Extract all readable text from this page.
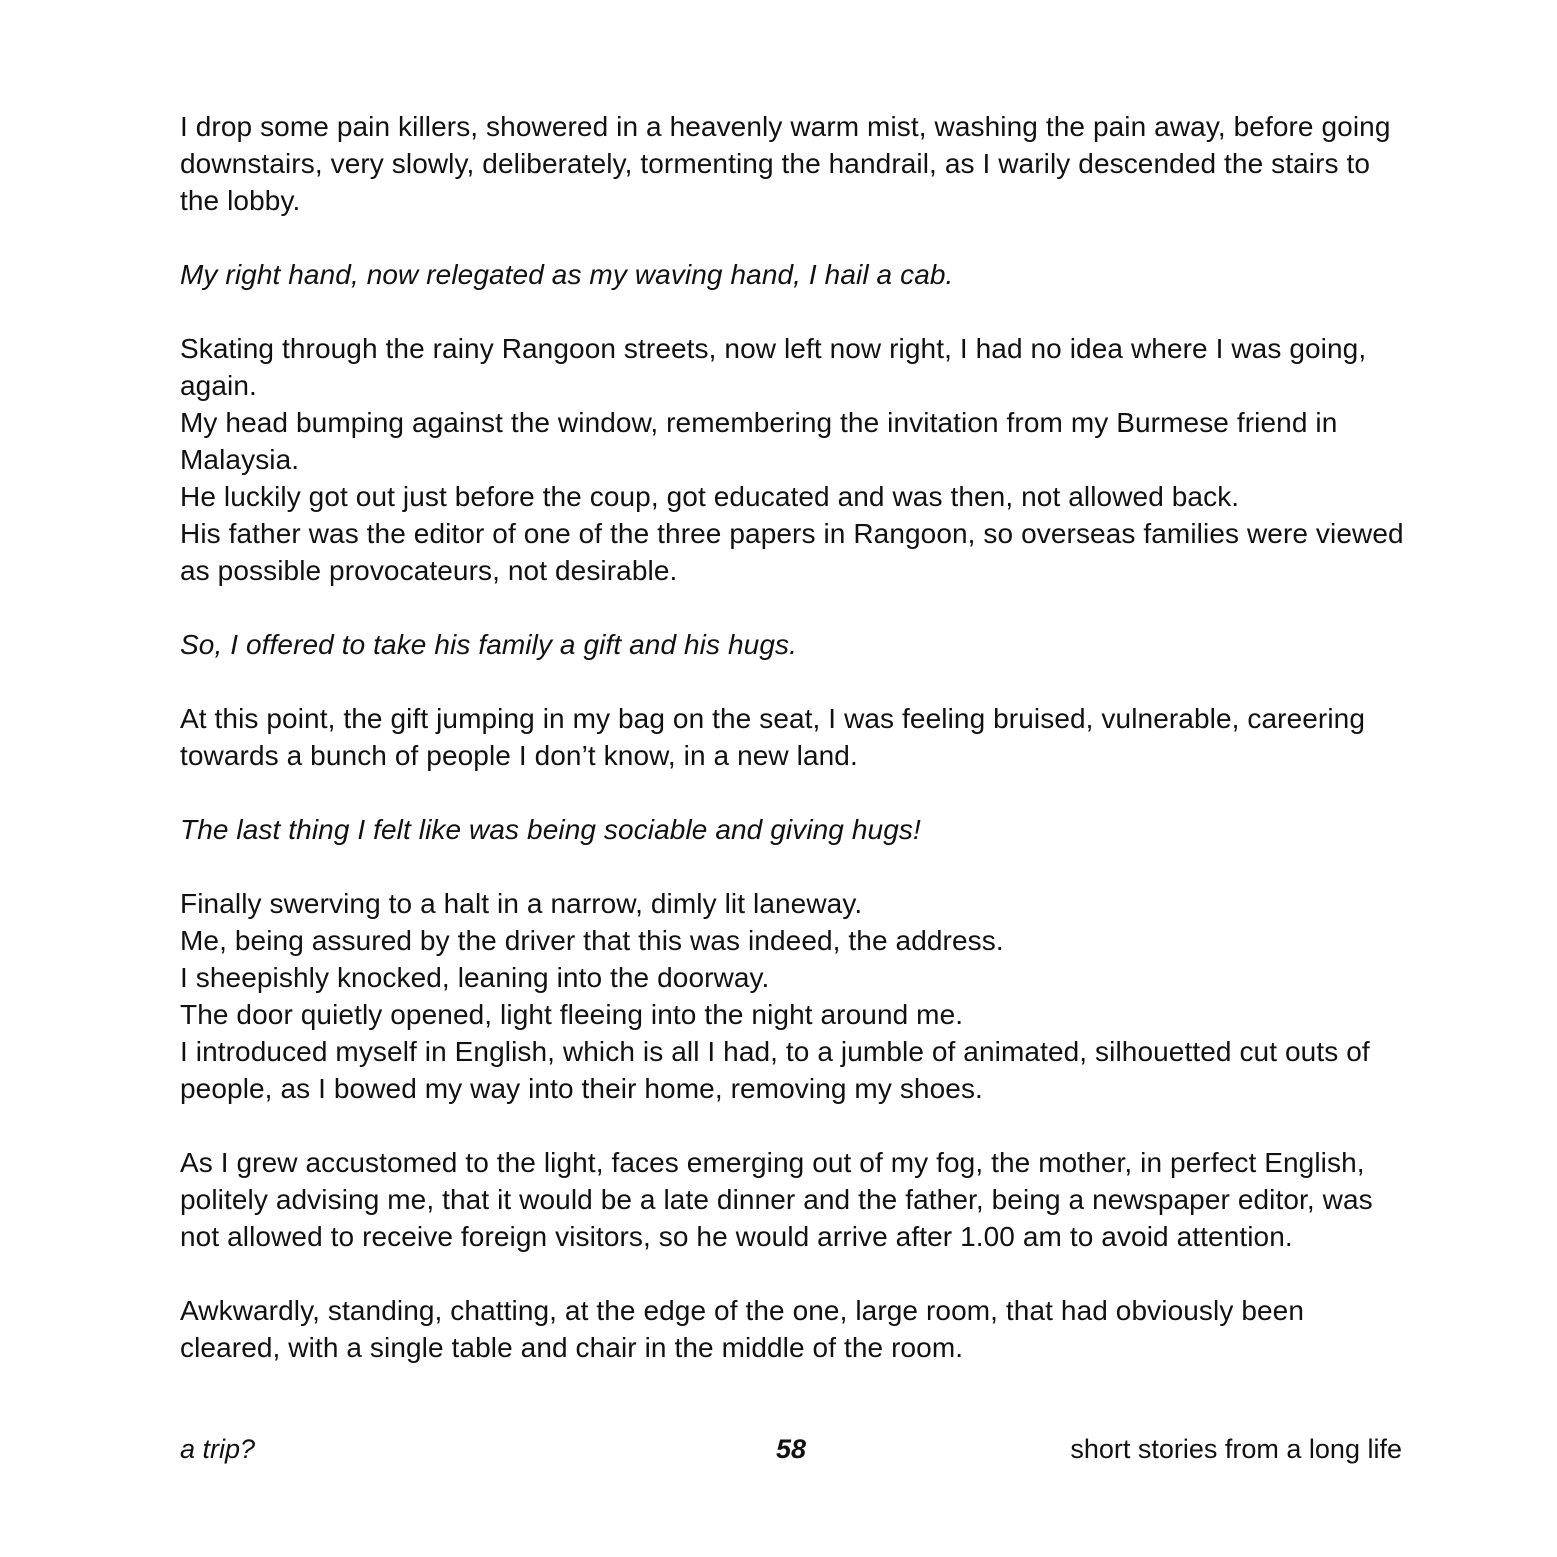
I drop some pain killers, showered in a heavenly warm mist, washing the pain away, before going downstairs, very slowly, deliberately, tormenting the handrail, as I warily descended the stairs to the lobby.
My right hand, now relegated as my waving hand, I hail a cab.
Skating through the rainy Rangoon streets, now left now right, I had no idea where I was going, again.
My head bumping against the window, remembering the invitation from my Burmese friend in Malaysia.
He luckily got out just before the coup, got educated and was then, not allowed back.
His father was the editor of one of the three papers in Rangoon, so overseas families were viewed as possible provocateurs, not desirable.
So, I offered to take his family a gift and his hugs.
At this point, the gift jumping in my bag on the seat, I was feeling bruised, vulnerable, careering towards a bunch of people I don’t know, in a new land.
The last thing I felt like was being sociable and giving hugs!
Finally swerving to a halt in a narrow, dimly lit laneway.
Me, being assured by the driver that this was indeed, the address.
I sheepishly knocked, leaning into the doorway.
The door quietly opened, light fleeing into the night around me.
I introduced myself in English, which is all I had, to a jumble of animated, silhouetted cut outs of people, as I bowed my way into their home, removing my shoes.
As I grew accustomed to the light, faces emerging out of my fog, the mother, in perfect English, politely advising me, that it would be a late dinner and the father, being a newspaper editor, was not allowed to receive foreign visitors, so he would arrive after 1.00 am to avoid attention.
Awkwardly, standing, chatting, at the edge of the one, large room, that had obviously been cleared, with a single table and chair in the middle of the room.
a trip?	58	short stories from a long life
